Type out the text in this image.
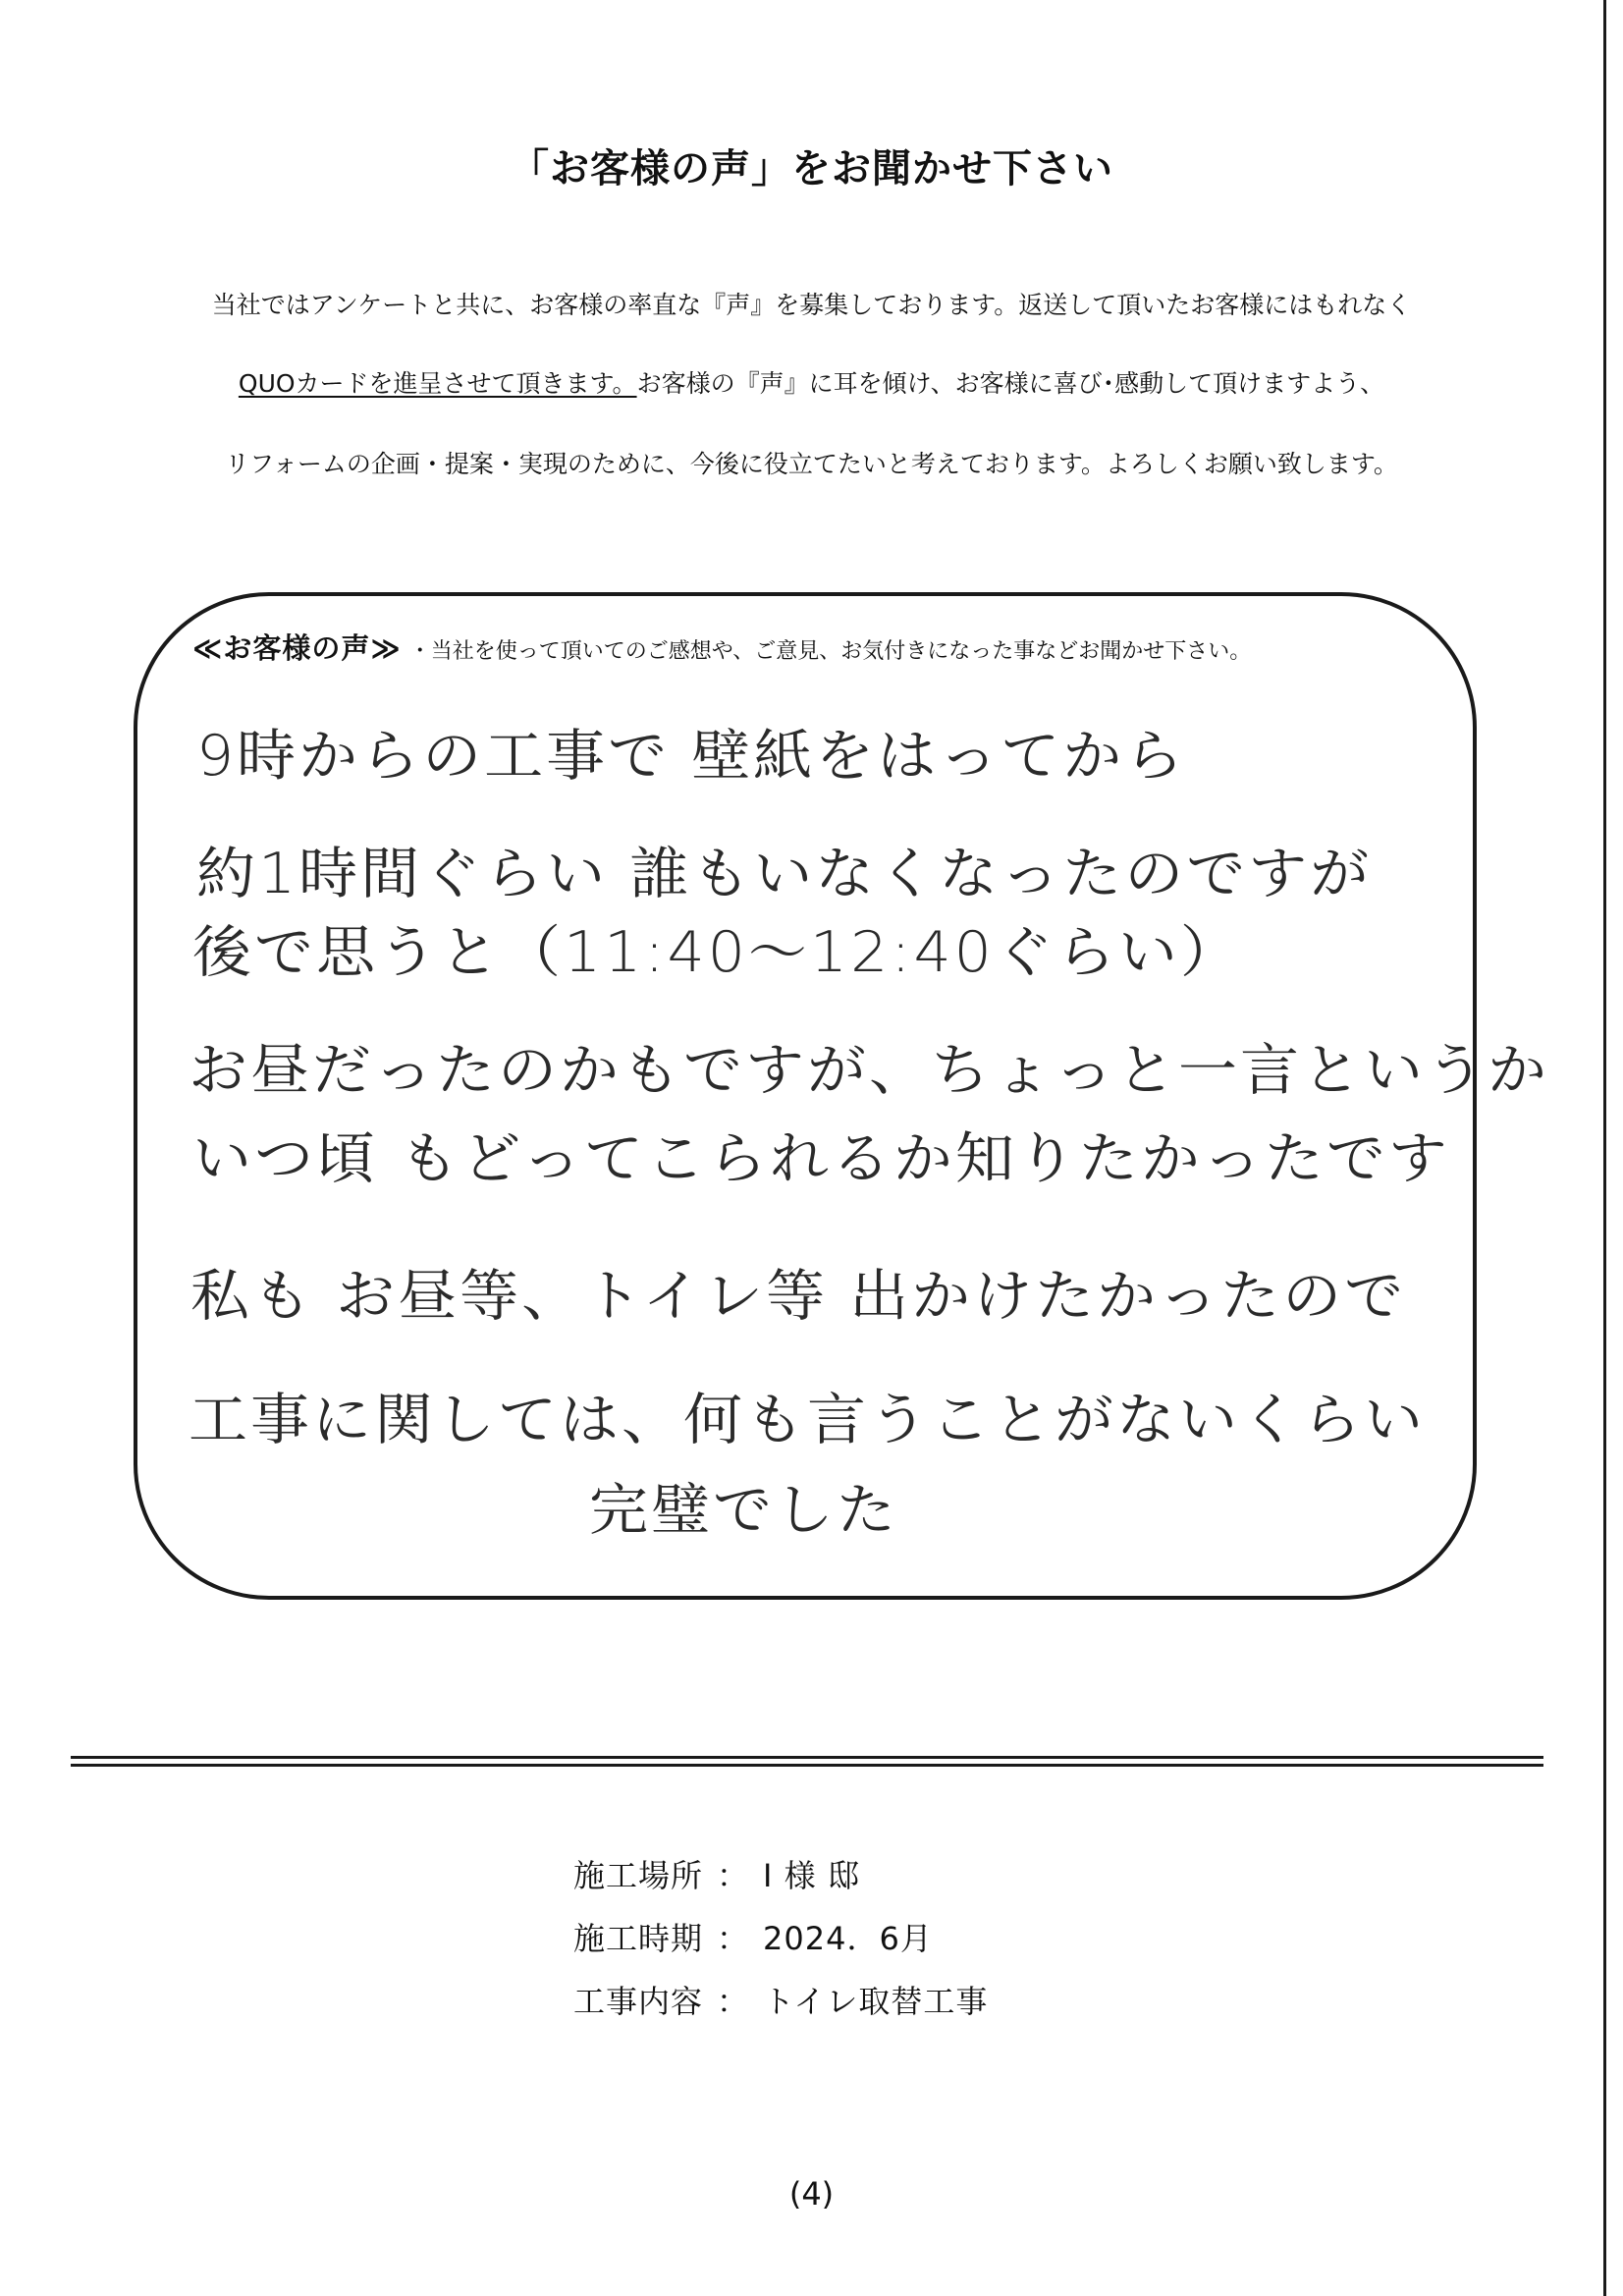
「お客様の声」をお聞かせ下さい
当社ではアンケートと共に、お客様の率直な『声』を募集しております。返送して頂いたお客様にはもれなく
QUOカードを進呈させて頂きます。お客様の『声』に耳を傾け、お客様に喜び･感動して頂けますよう、
リフォームの企画・提案・実現のために、今後に役立てたいと考えております。よろしくお願い致します。
≪お客様の声≫ ・当社を使って頂いてのご感想や、ご意見、お気付きになった事などお聞かせ下さい。
9時からの工事で 壁紙をはってから
約1時間ぐらい 誰もいなくなったのですが
後で思うと（11:40～12:40ぐらい）
お昼だったのかもですが、ちょっと一言というか
いつ頃 もどってこられるか知りたかったです
私も お昼等、トイレ等 出かけたかったので
工事に関しては、何も言うことがないくらい
完璧でした
施工場所 ： I 様 邸
施工時期 ： 2024．6月
工事内容 ： トイレ取替工事
(4)
